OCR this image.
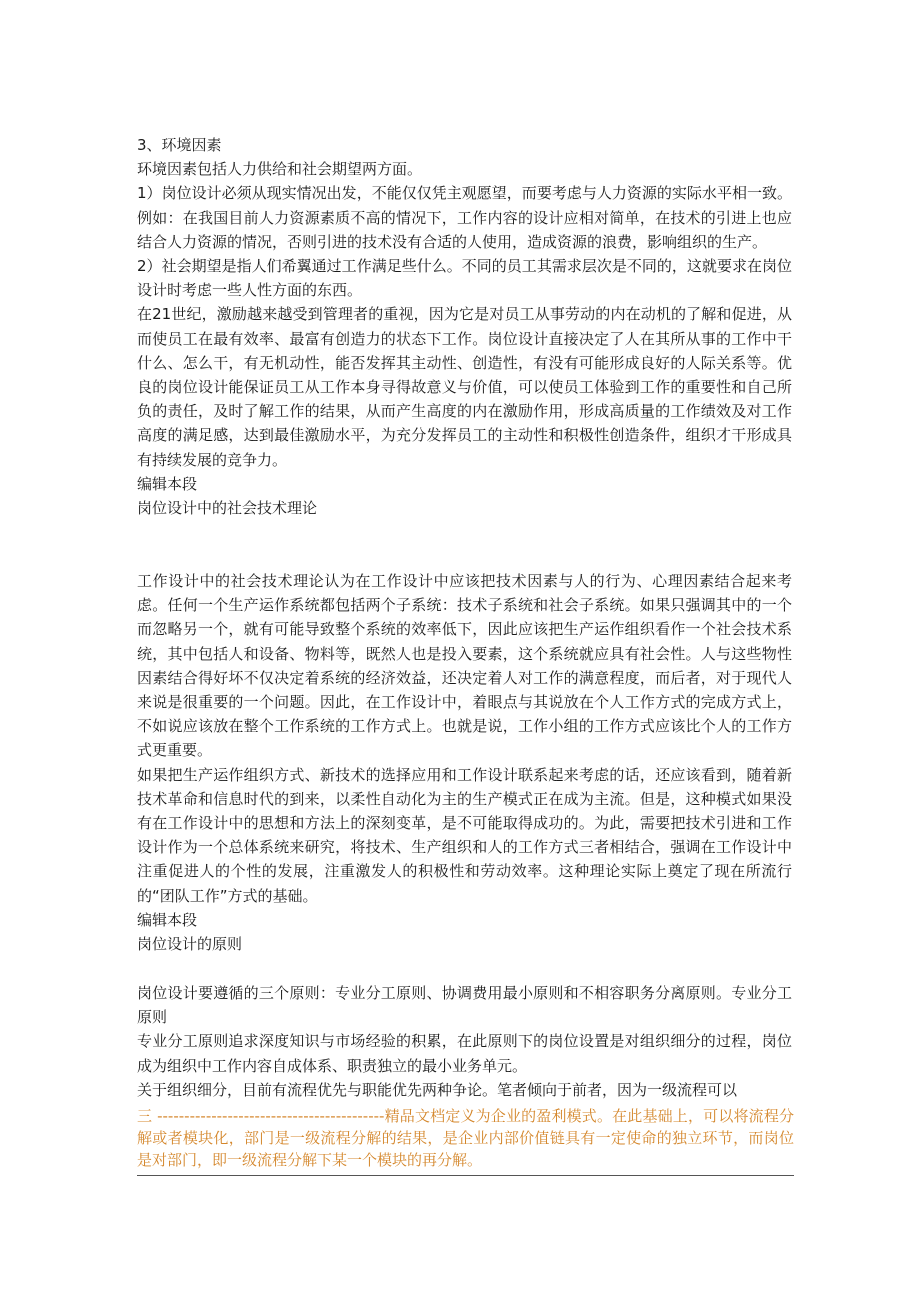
3、环境因素

环境因素包括人力供给和社会期望两方面。

1）岗位设计必须从现实情况出发，不能仅仅凭主观愿望，而要考虑与人力资源的实际水平相一致。例如：在我国目前人力资源素质不高的情况下，工作内容的设计应相对简单，在技术的引进上也应结合人力资源的情况，否则引进的技术没有合适的人使用，造成资源的浪费，影响组织的生产。

2）社会期望是指人们希翼通过工作满足些什么。不同的员工其需求层次是不同的，这就要求在岗位设计时考虑一些人性方面的东西。

在21世纪，激励越来越受到管理者的重视，因为它是对员工从事劳动的内在动机的了解和促进，从而使员工在最有效率、最富有创造力的状态下工作。岗位设计直接决定了人在其所从事的工作中干什么、怎么干，有无机动性，能否发挥其主动性、创造性，有没有可能形成良好的人际关系等。优良的岗位设计能保证员工从工作本身寻得故意义与价值，可以使员工体验到工作的重要性和自己所负的责任，及时了解工作的结果，从而产生高度的内在激励作用，形成高质量的工作绩效及对工作高度的满足感，达到最佳激励水平，为充分发挥员工的主动性和积极性创造条件，组织才干形成具有持续发展的竞争力。

编辑本段

岗位设计中的社会技术理论

工作设计中的社会技术理论认为在工作设计中应该把技术因素与人的行为、心理因素结合起来考虑。任何一个生产运作系统都包括两个子系统：技术子系统和社会子系统。如果只强调其中的一个而忽略另一个，就有可能导致整个系统的效率低下，因此应该把生产运作组织看作一个社会技术系统，其中包括人和设备、物料等，既然人也是投入要素，这个系统就应具有社会性。人与这些物性因素结合得好坏不仅决定着系统的经济效益，还决定着人对工作的满意程度，而后者，对于现代人来说是很重要的一个问题。因此，在工作设计中，着眼点与其说放在个人工作方式的完成方式上，不如说应该放在整个工作系统的工作方式上。也就是说，工作小组的工作方式应该比个人的工作方式更重要。

如果把生产运作组织方式、新技术的选择应用和工作设计联系起来考虑的话，还应该看到，随着新技术革命和信息时代的到来，以柔性自动化为主的生产模式正在成为主流。但是，这种模式如果没有在工作设计中的思想和方法上的深刻变革，是不可能取得成功的。为此，需要把技术引进和工作设计作为一个总体系统来研究，将技术、生产组织和人的工作方式三者相结合，强调在工作设计中注重促进人的个性的发展，注重激发人的积极性和劳动效率。这种理论实际上奠定了现在所流行的“团队工作”方式的基础。

编辑本段

岗位设计的原则

岗位设计要遵循的三个原则：专业分工原则、协调费用最小原则和不相容职务分离原则。专业分工原则

专业分工原则追求深度知识与市场经验的积累，在此原则下的岗位设置是对组织细分的过程，岗位成为组织中工作内容自成体系、职责独立的最小业务单元。

关于组织细分，目前有流程优先与职能优先两种争论。笔者倾向于前者，因为一级流程可以

三 ------------------------------------------精品文档定义为企业的盈利模式。在此基础上，可以将流程分解或者模块化，部门是一级流程分解的结果，是企业内部价值链具有一定使命的独立环节，而岗位是对部门，即一级流程分解下某一个模块的再分解。
